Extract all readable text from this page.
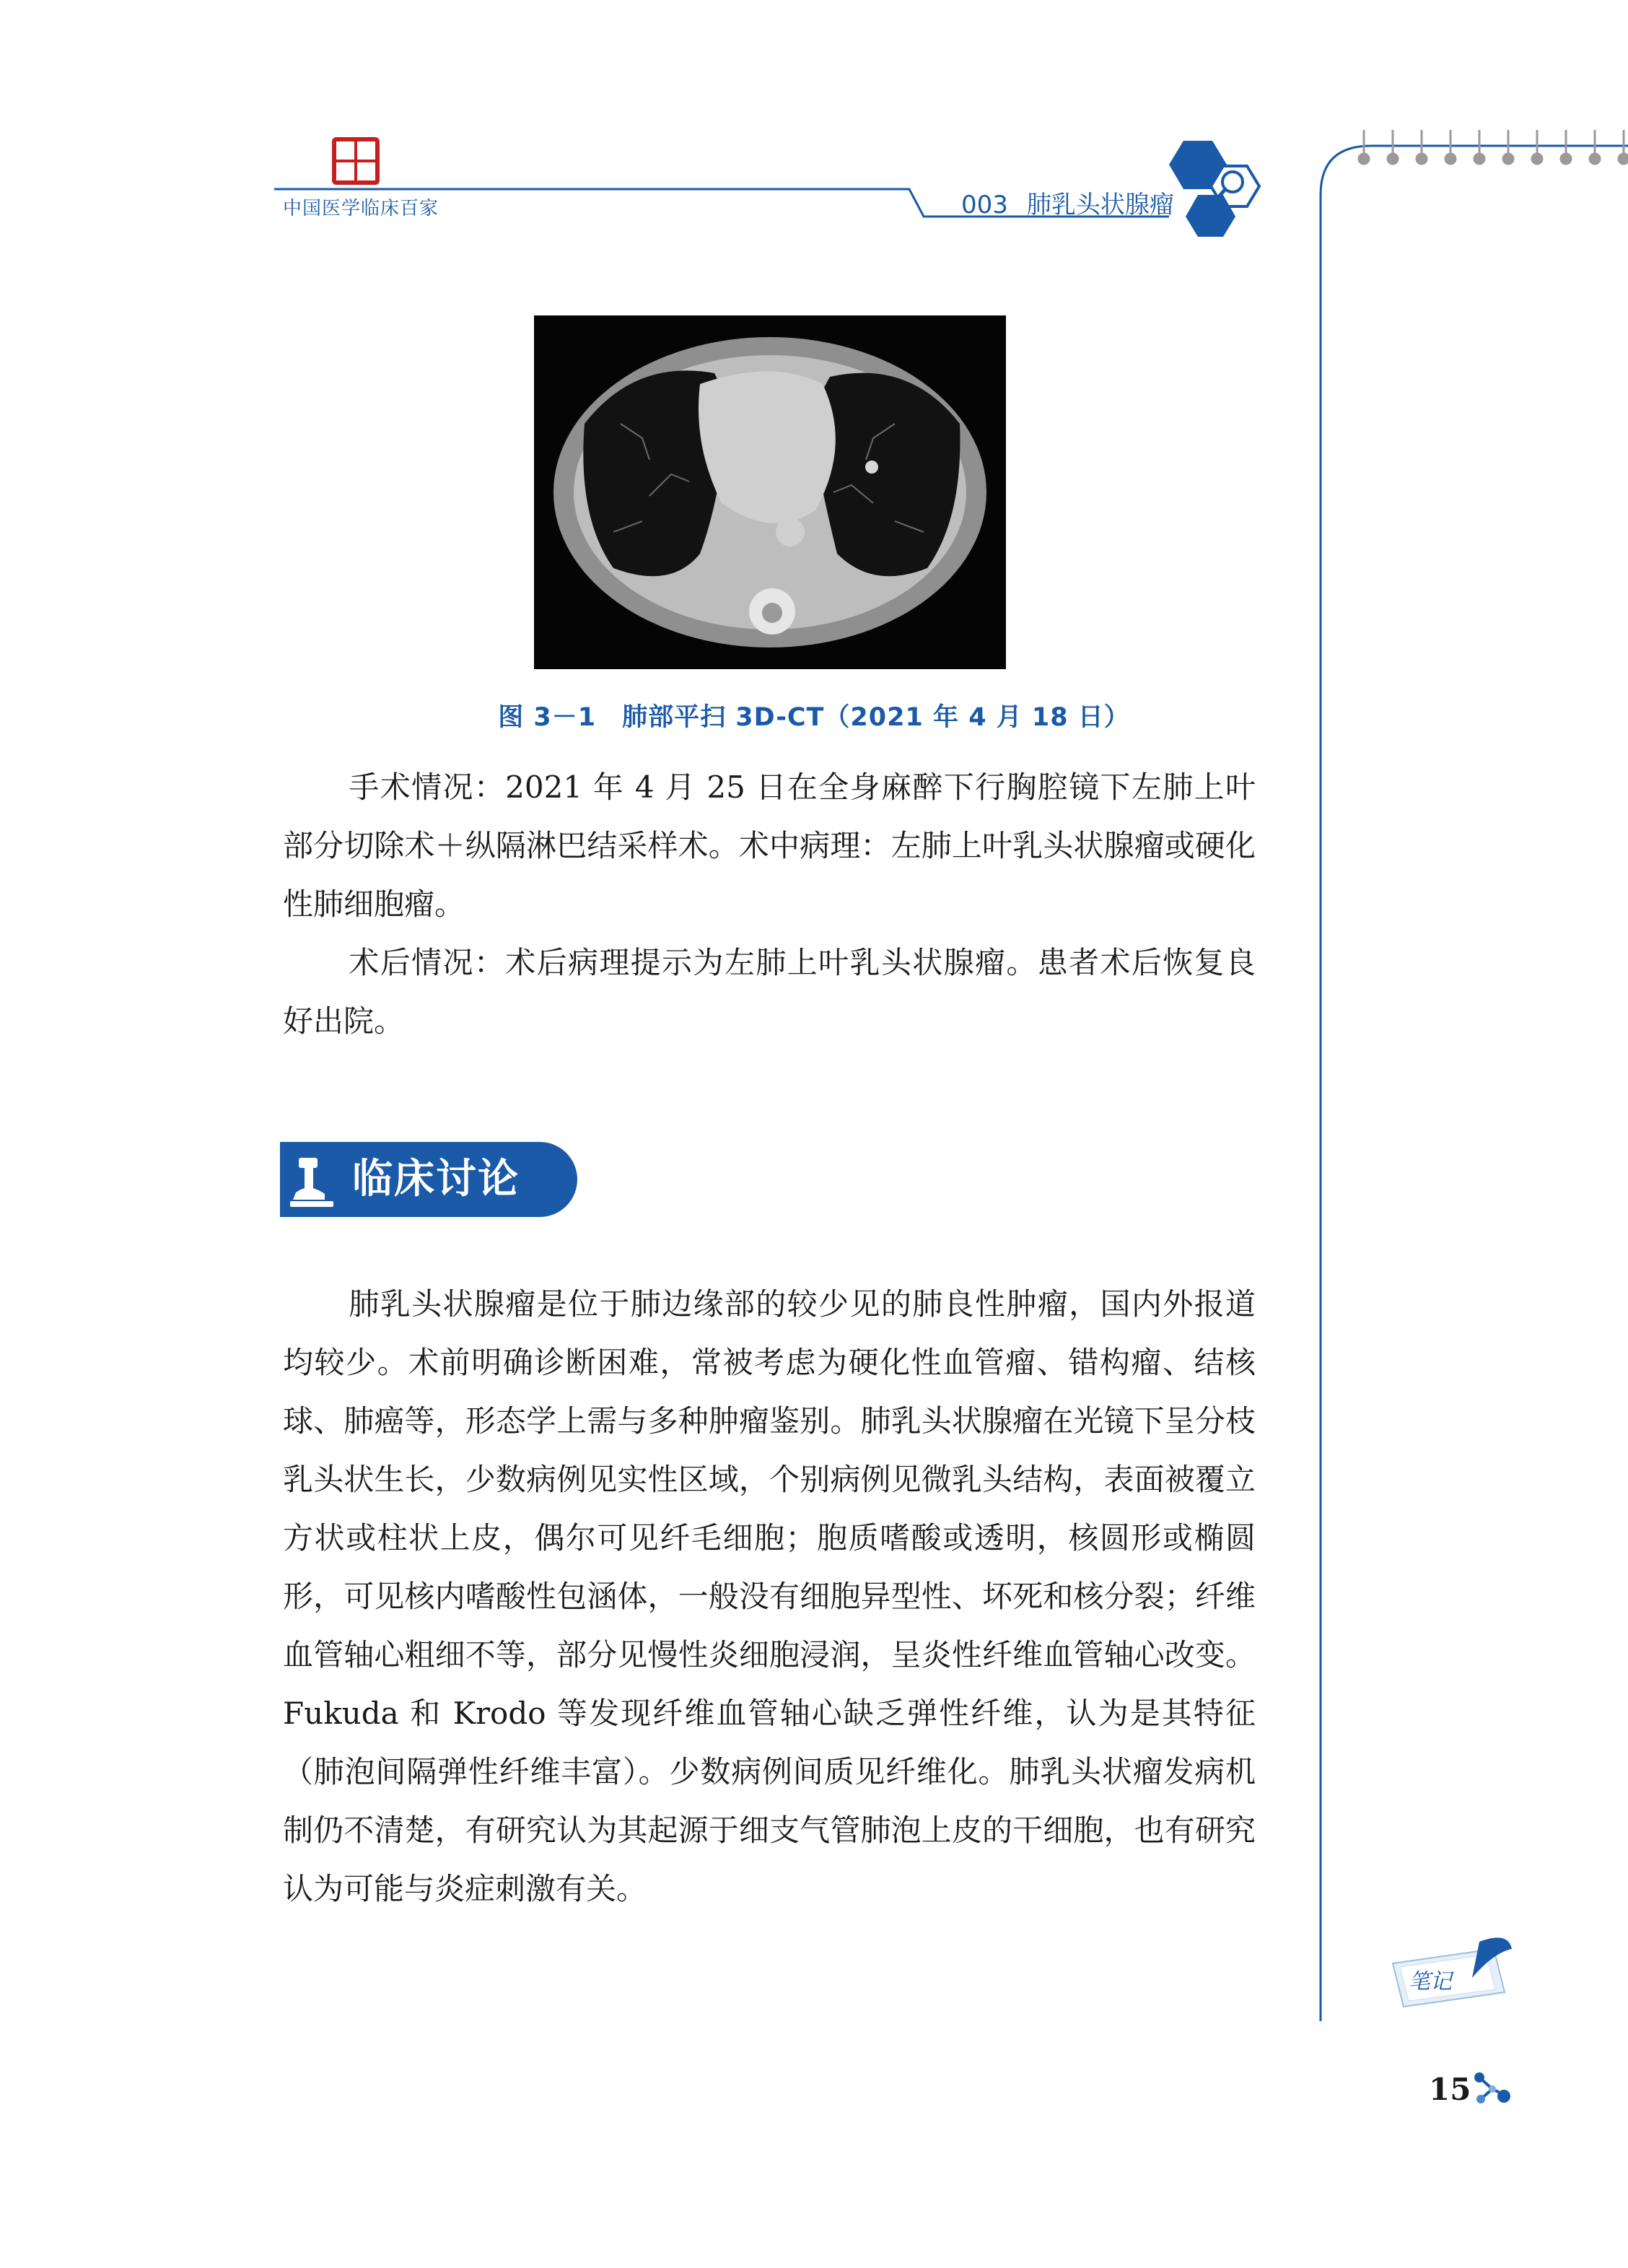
中国医学临床百家	003 肺乳头状腺瘤
图 3－1　肺部平扫 3D-CT（2021 年 4 月 18 日）

手术情况：2021 年 4 月 25 日在全身麻醉下行胸腔镜下左肺上叶部分切除术＋纵隔淋巴结采样术。术中病理：左肺上叶乳头状腺瘤或硬化性肺细胞瘤。

术后情况：术后病理提示为左肺上叶乳头状腺瘤。患者术后恢复良好出院。

临床讨论

肺乳头状腺瘤是位于肺边缘部的较少见的肺良性肿瘤，国内外报道均较少。术前明确诊断困难，常被考虑为硬化性血管瘤、错构瘤、结核球、肺癌等，形态学上需与多种肿瘤鉴别。肺乳头状腺瘤在光镜下呈分枝乳头状生长，少数病例见实性区域，个别病例见微乳头结构，表面被覆立方状或柱状上皮，偶尔可见纤毛细胞；胞质嗜酸或透明，核圆形或椭圆形，可见核内嗜酸性包涵体，一般没有细胞异型性、坏死和核分裂；纤维血管轴心粗细不等，部分见慢性炎细胞浸润，呈炎性纤维血管轴心改变。Fukuda 和 Krodo 等发现纤维血管轴心缺乏弹性纤维，认为是其特征（肺泡间隔弹性纤维丰富）。少数病例间质见纤维化。肺乳头状瘤发病机制仍不清楚，有研究认为其起源于细支气管肺泡上皮的干细胞，也有研究认为可能与炎症刺激有关。

笔记
15
